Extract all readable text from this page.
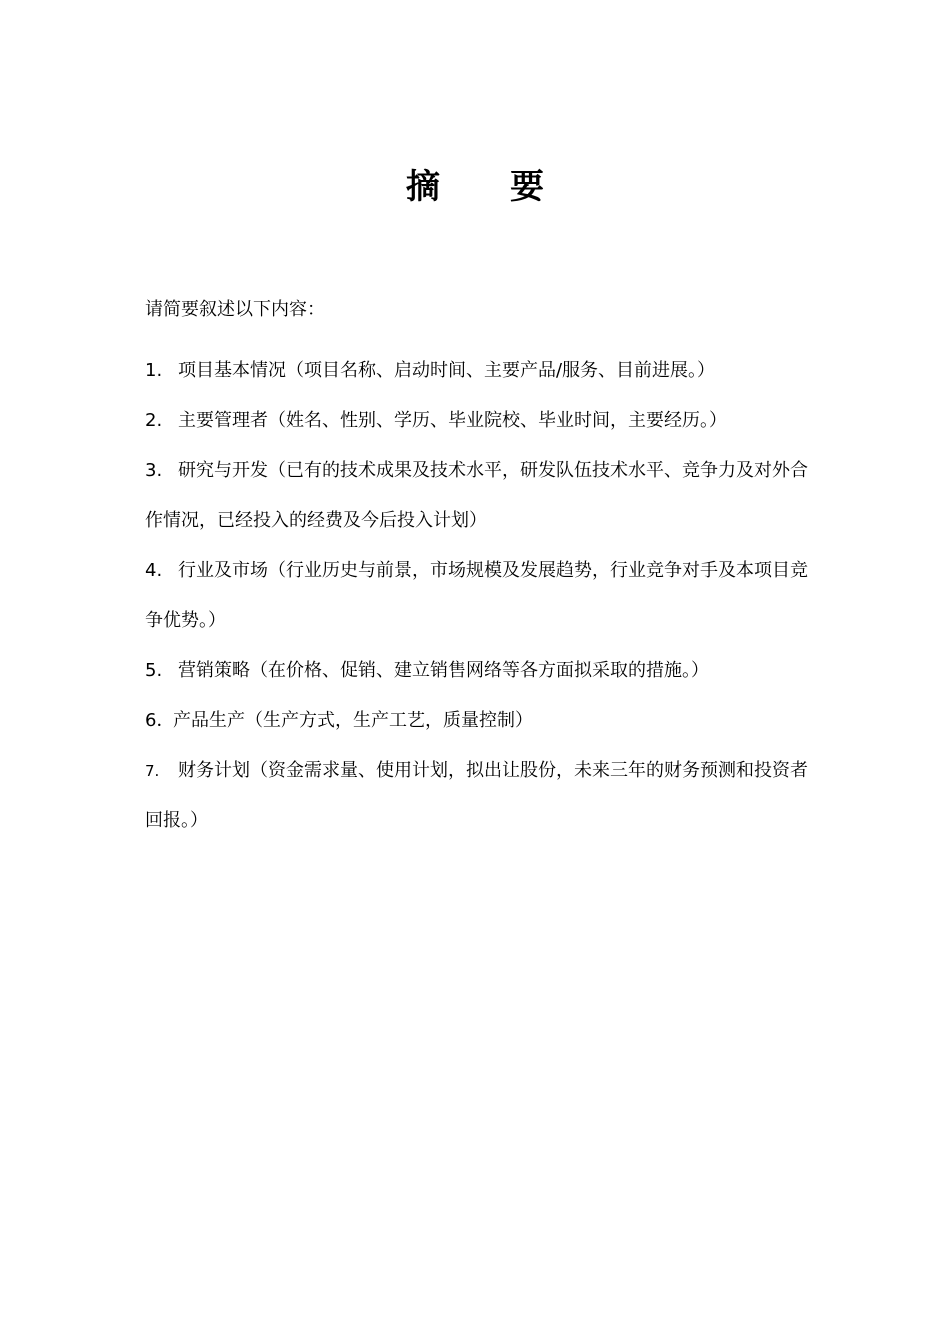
摘 要
请简要叙述以下内容：

1. 项目基本情况（项目名称、启动时间、主要产品/服务、目前进展。）

2. 主要管理者（姓名、性别、学历、毕业院校、毕业时间，主要经历。）

3. 研究与开发（已有的技术成果及技术水平，研发队伍技术水平、竞争力及对外合作情况，已经投入的经费及今后投入计划）

4. 行业及市场（行业历史与前景，市场规模及发展趋势，行业竞争对手及本项目竞争优势。）

5. 营销策略（在价格、促销、建立销售网络等各方面拟采取的措施。）

6．产品生产（生产方式，生产工艺，质量控制）

7. 财务计划（资金需求量、使用计划，拟出让股份，未来三年的财务预测和投资者回报。）
